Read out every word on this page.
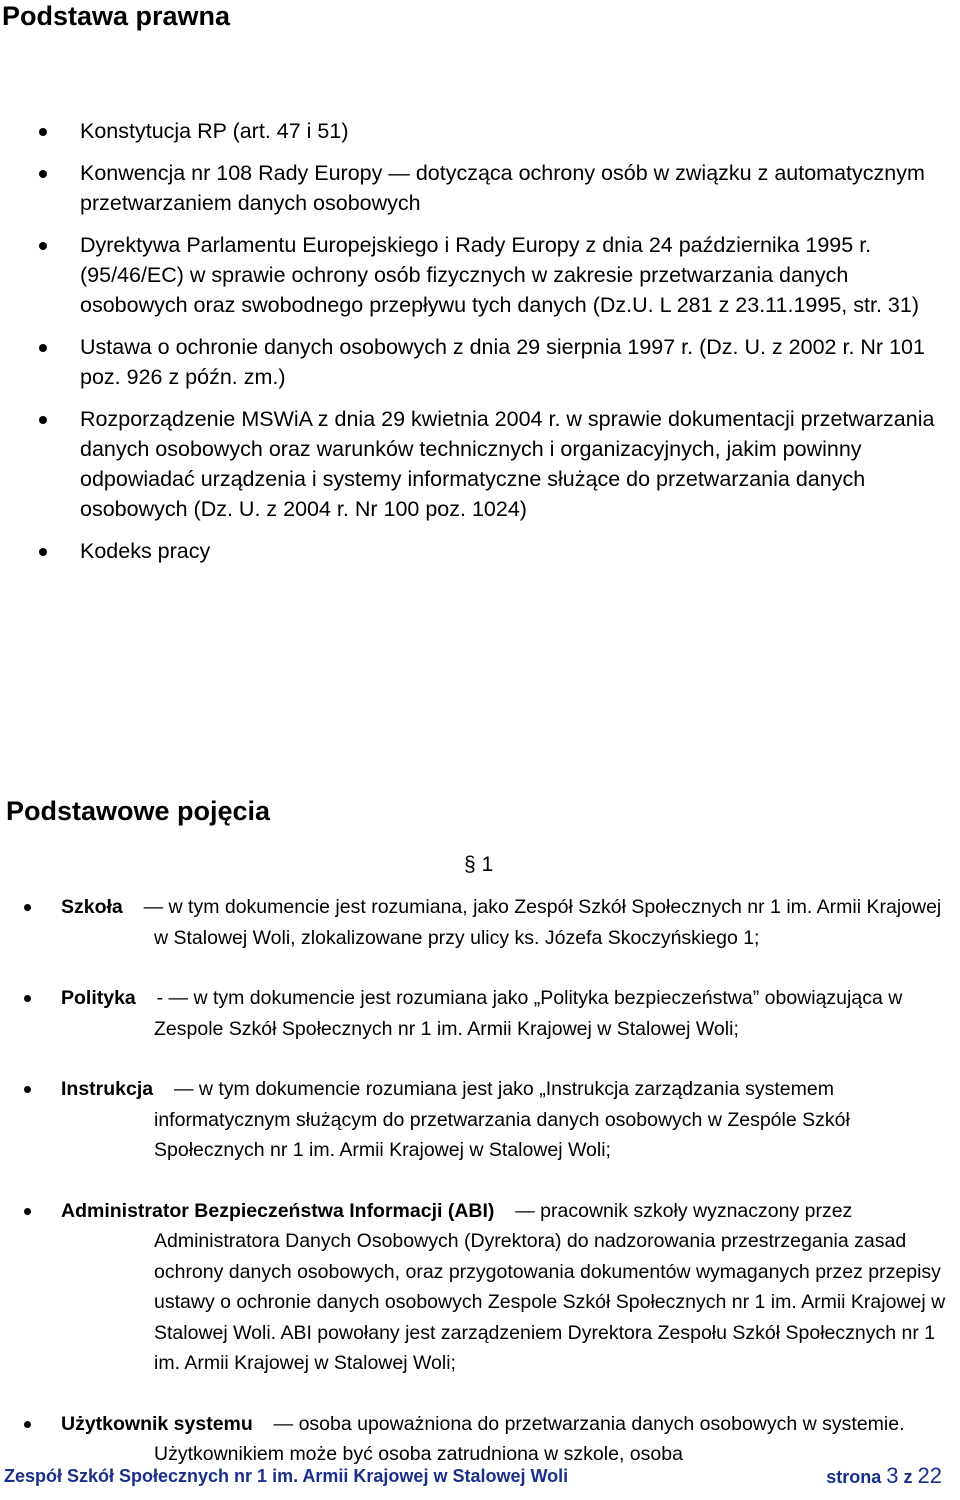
Podstawa prawna
Konstytucja RP (art. 47 i 51)
Konwencja nr 108 Rady Europy — dotycząca ochrony osób w związku z automatycznym przetwarzaniem danych osobowych
Dyrektywa Parlamentu Europejskiego i Rady Europy z dnia 24 października 1995 r. (95/46/EC) w sprawie ochrony osób fizycznych w zakresie przetwarzania danych osobowych oraz swobodnego przepływu tych danych (Dz.U. L 281 z 23.11.1995, str. 31)
Ustawa o ochronie danych osobowych z dnia 29 sierpnia 1997 r. (Dz. U. z 2002 r. Nr 101 poz. 926 z późn. zm.)
Rozporządzenie MSWiA z dnia 29 kwietnia 2004 r. w sprawie dokumentacji przetwarzania danych osobowych oraz warunków technicznych i organizacyjnych, jakim powinny odpowiadać urządzenia i systemy informatyczne służące do przetwarzania danych osobowych (Dz. U. z 2004 r. Nr 100 poz. 1024)
Kodeks pracy
Podstawowe pojęcia
§ 1
Szkoła — w tym dokumencie jest rozumiana, jako Zespół Szkół Społecznych nr 1 im. Armii Krajowej w Stalowej Woli, zlokalizowane przy ulicy ks. Józefa Skoczyńskiego 1;
Polityka - — w tym dokumencie jest rozumiana jako „Polityka bezpieczeństwa” obowiązująca w Zespole Szkół Społecznych nr 1 im. Armii Krajowej w Stalowej Woli;
Instrukcja — w tym dokumencie rozumiana jest jako „Instrukcja zarządzania systemem informatycznym służącym do przetwarzania danych osobowych w Zespóle Szkół Społecznych nr 1 im. Armii Krajowej w Stalowej Woli;
Administrator Bezpieczeństwa Informacji (ABI) — pracownik szkoły wyznaczony przez Administratora Danych Osobowych (Dyrektora) do nadzorowania przestrzegania zasad ochrony danych osobowych, oraz przygotowania dokumentów wymaganych przez przepisy ustawy o ochronie danych osobowych Zespole Szkół Społecznych nr 1 im. Armii Krajowej w Stalowej Woli. ABI powołany jest zarządzeniem Dyrektora Zespołu Szkół Społecznych nr 1 im. Armii Krajowej w Stalowej Woli;
Użytkownik systemu — osoba upoważniona do przetwarzania danych osobowych w systemie. Użytkownikiem może być osoba zatrudniona w szkole, osoba
Zespół Szkół Społecznych nr 1 im. Armii Krajowej w Stalowej Woli	strona 3 z 22
